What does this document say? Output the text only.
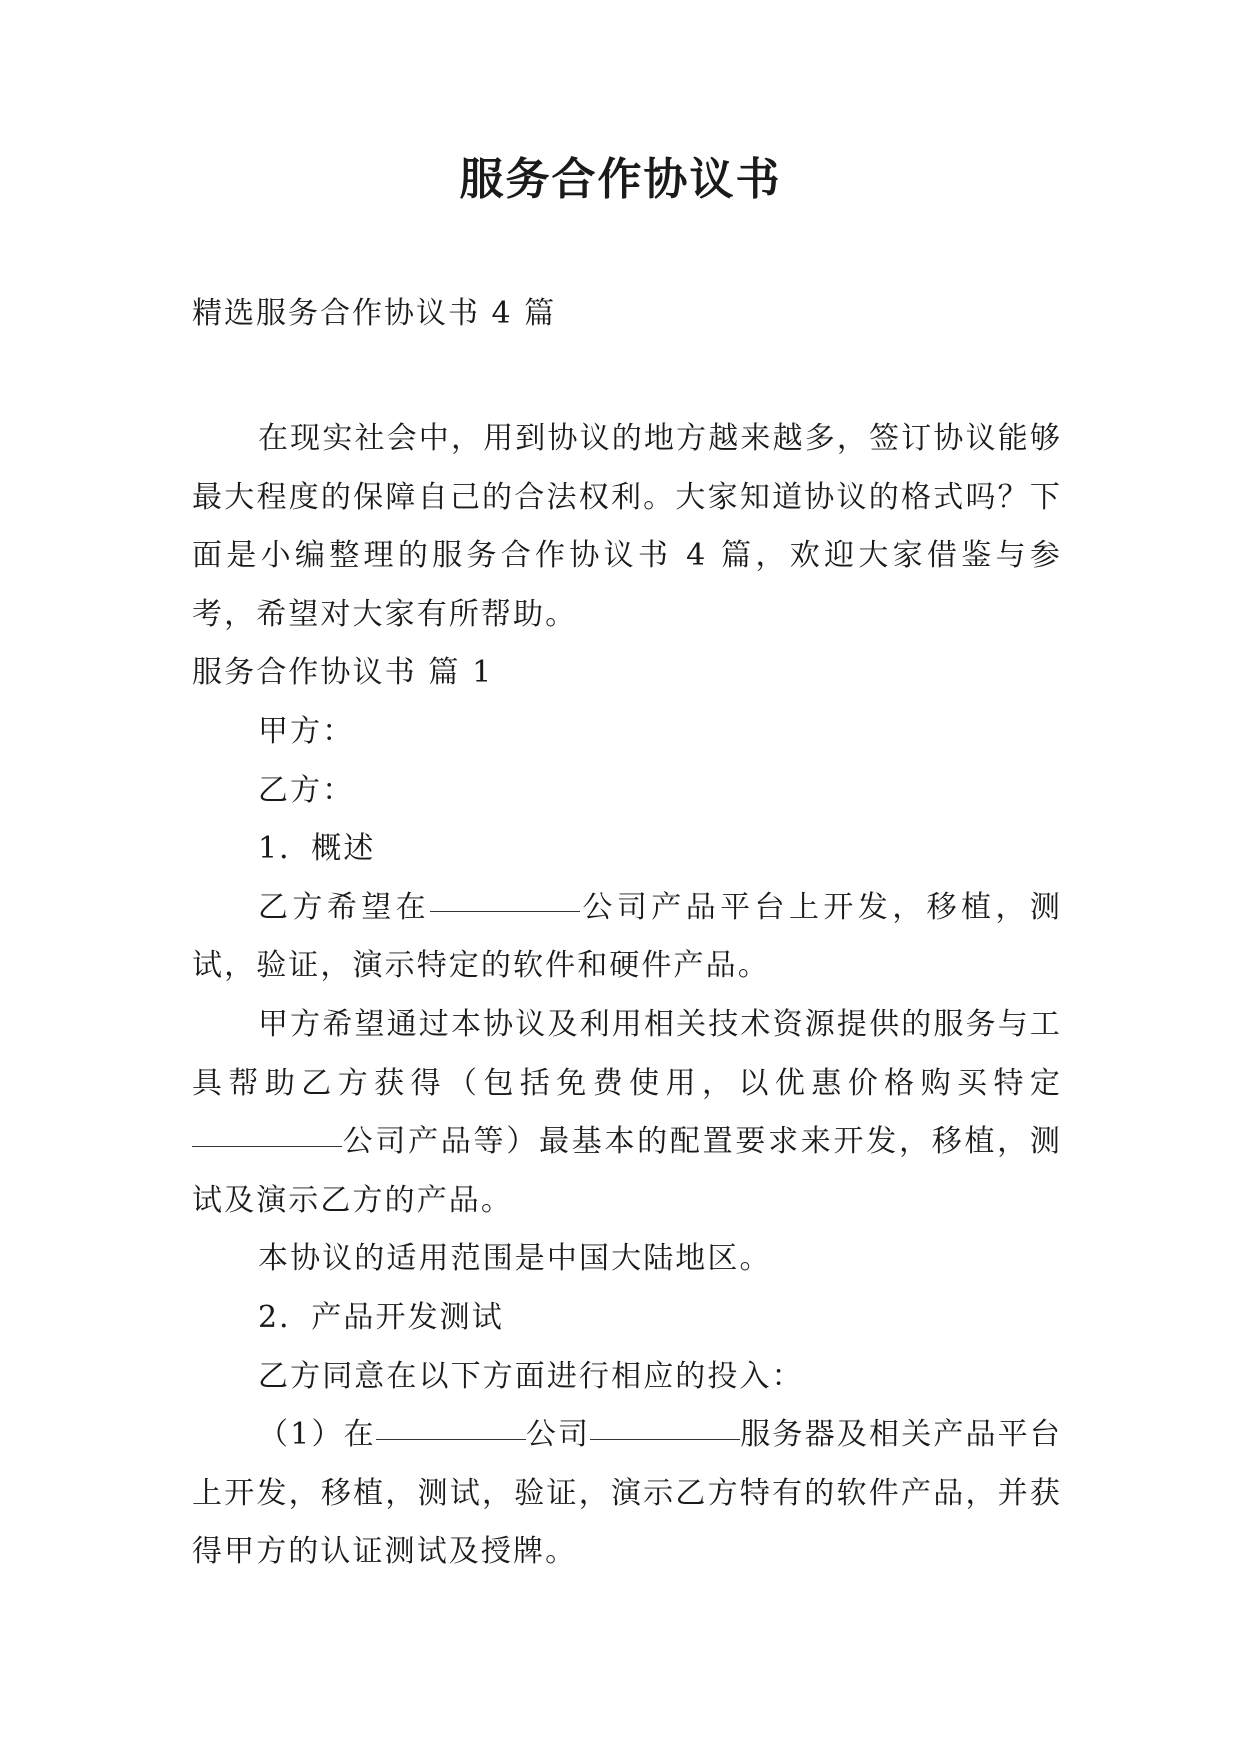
服务合作协议书
精选服务合作协议书 4 篇

在现实社会中，用到协议的地方越来越多，签订协议能够最大程度的保障自己的合法权利。大家知道协议的格式吗？下面是小编整理的服务合作协议书 4 篇，欢迎大家借鉴与参考，希望对大家有所帮助。

服务合作协议书 篇 1

甲方：

乙方：

1．概述

乙方希望在	公司产品平台上开发，移植，测试，验证，演示特定的软件和硬件产品。

甲方希望通过本协议及利用相关技术资源提供的服务与工具帮助乙方获得（包括免费使用，以优惠价格购买特定公司产品等）最基本的配置要求来开发，移植，测试及演示乙方的产品。

本协议的适用范围是中国大陆地区。

2．产品开发测试

乙方同意在以下方面进行相应的投入：

（1）在	公司	服务器及相关产品平台上开发，移植，测试，验证，演示乙方特有的软件产品，并获得甲方的认证测试及授牌。
